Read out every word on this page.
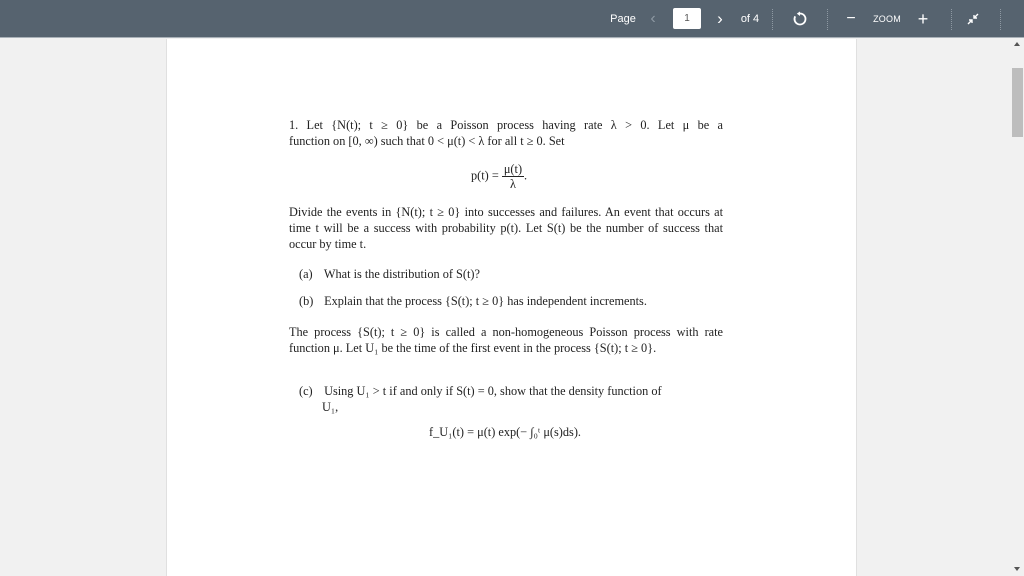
Page ‹
1	›	of 4	−	ZOOM +
1. Let {N(t); t ≥ 0} be a Poisson process having rate λ > 0. Let μ be a
function on [0, ∞) such that 0 < μ(t) < λ for all t ≥ 0. Set
$p(t) = \frac{\mu(t)}{\lambda}$ .
Divide the events in {N(t); t ≥ 0} into successes and failures. An event that occurs at time t will be a success with probability p(t). Let S(t) be the number of success that occur by time t.
(a) What is the distribution of S(t)?
(b) Explain that the process {S(t); t ≥ 0} has independent increments.
The process {S(t); t ≥ 0} is called a non-homogeneous Poisson process with rate function μ. Let U₁ be the time of the first event in the process {S(t); t ≥ 0}.
(c) Using U₁ > t if and only if S(t) = 0, show that the density function of
U₁,
f_U₁(t) = μ(t) exp(− ∫₀ᵗ μ(s)ds).
